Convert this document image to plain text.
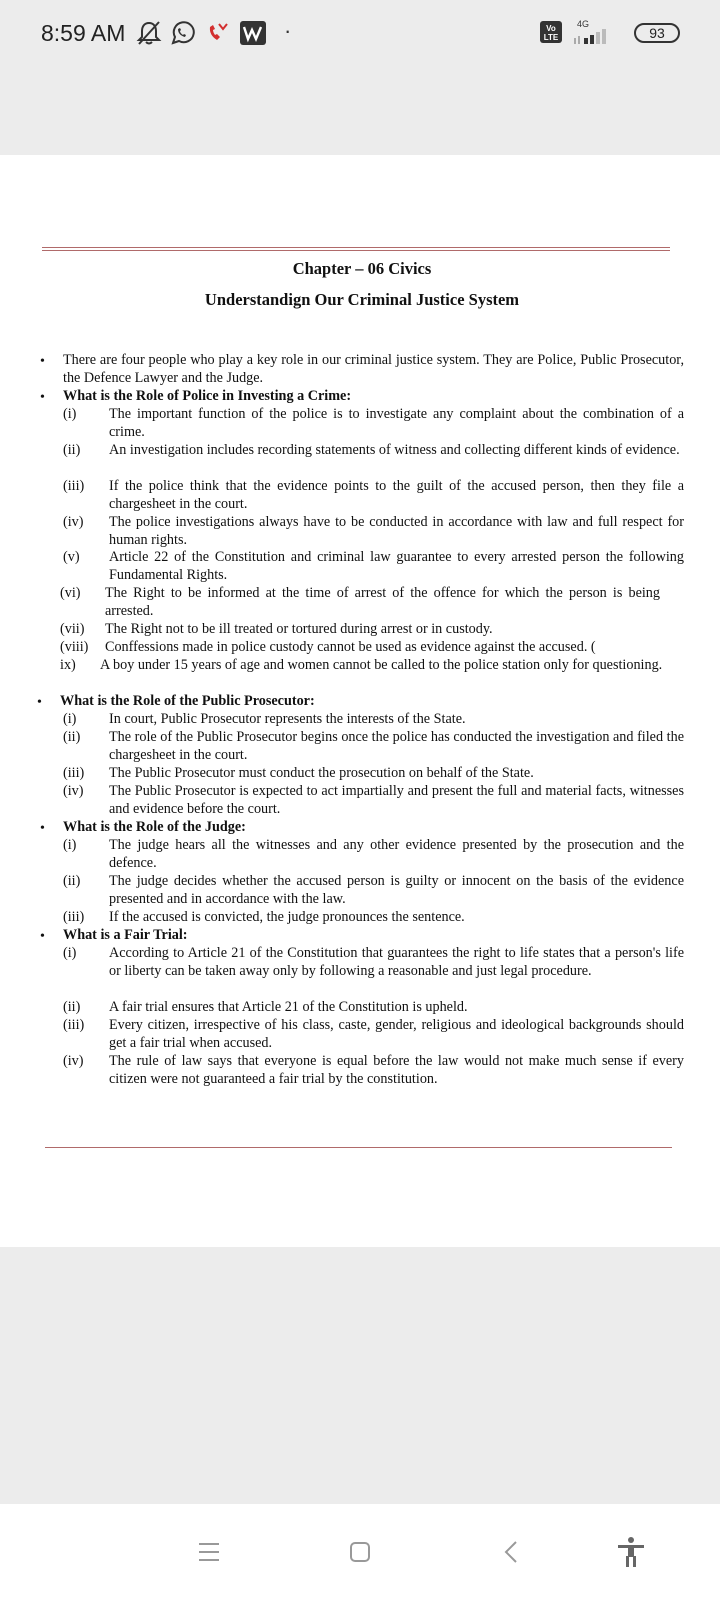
8:59 AM	·	Vo LTE
4G
93
Chapter – 06 Civics
Understandign Our Criminal Justice System
• There are four people who play a key role in our criminal justice system. They are Police, Public Prosecutor, the Defence Lawyer and the Judge.
• What is the Role of Police in Investing a Crime:
(i) The important function of the police is to investigate any complaint about the combination of a crime.
(ii) An investigation includes recording statements of witness and collecting different kinds of evidence.
(iii) If the police think that the evidence points to the guilt of the accused person, then they file a chargesheet in the court.
(iv) The police investigations always have to be conducted in accordance with law and full respect for human rights.
(v) Article 22 of the Constitution and criminal law guarantee to every arrested person the following Fundamental Rights.
(vi) The Right to be informed at the time of arrest of the offence for which the person is being arrested.
(vii) The Right not to be ill treated or tortured during arrest or in custody.
(viii) Conffessions made in police custody cannot be used as evidence against the accused. (
ix) A boy under 15 years of age and women cannot be called to the police station only for questioning.
• What is the Role of the Public Prosecutor:
(i) In court, Public Prosecutor represents the interests of the State.
(ii) The role of the Public Prosecutor begins once the police has conducted the investigation and filed the chargesheet in the court.
(iii) The Public Prosecutor must conduct the prosecution on behalf of the State.
(iv) The Public Prosecutor is expected to act impartially and present the full and material facts, witnesses and evidence before the court.
• What is the Role of the Judge:
(i) The judge hears all the witnesses and any other evidence presented by the prosecution and the defence.
(ii) The judge decides whether the accused person is guilty or innocent on the basis of the evidence presented and in accordance with the law.
(iii) If the accused is convicted, the judge pronounces the sentence.
• What is a Fair Trial:
(i) According to Article 21 of the Constitution that guarantees the right to life states that a person's life or liberty can be taken away only by following a reasonable and just legal procedure.
(ii) A fair trial ensures that Article 21 of the Constitution is upheld.
(iii) Every citizen, irrespective of his class, caste, gender, religious and ideological backgrounds should get a fair trial when accused.
(iv) The rule of law says that everyone is equal before the law would not make much sense if every citizen were not guaranteed a fair trial by the constitution.
